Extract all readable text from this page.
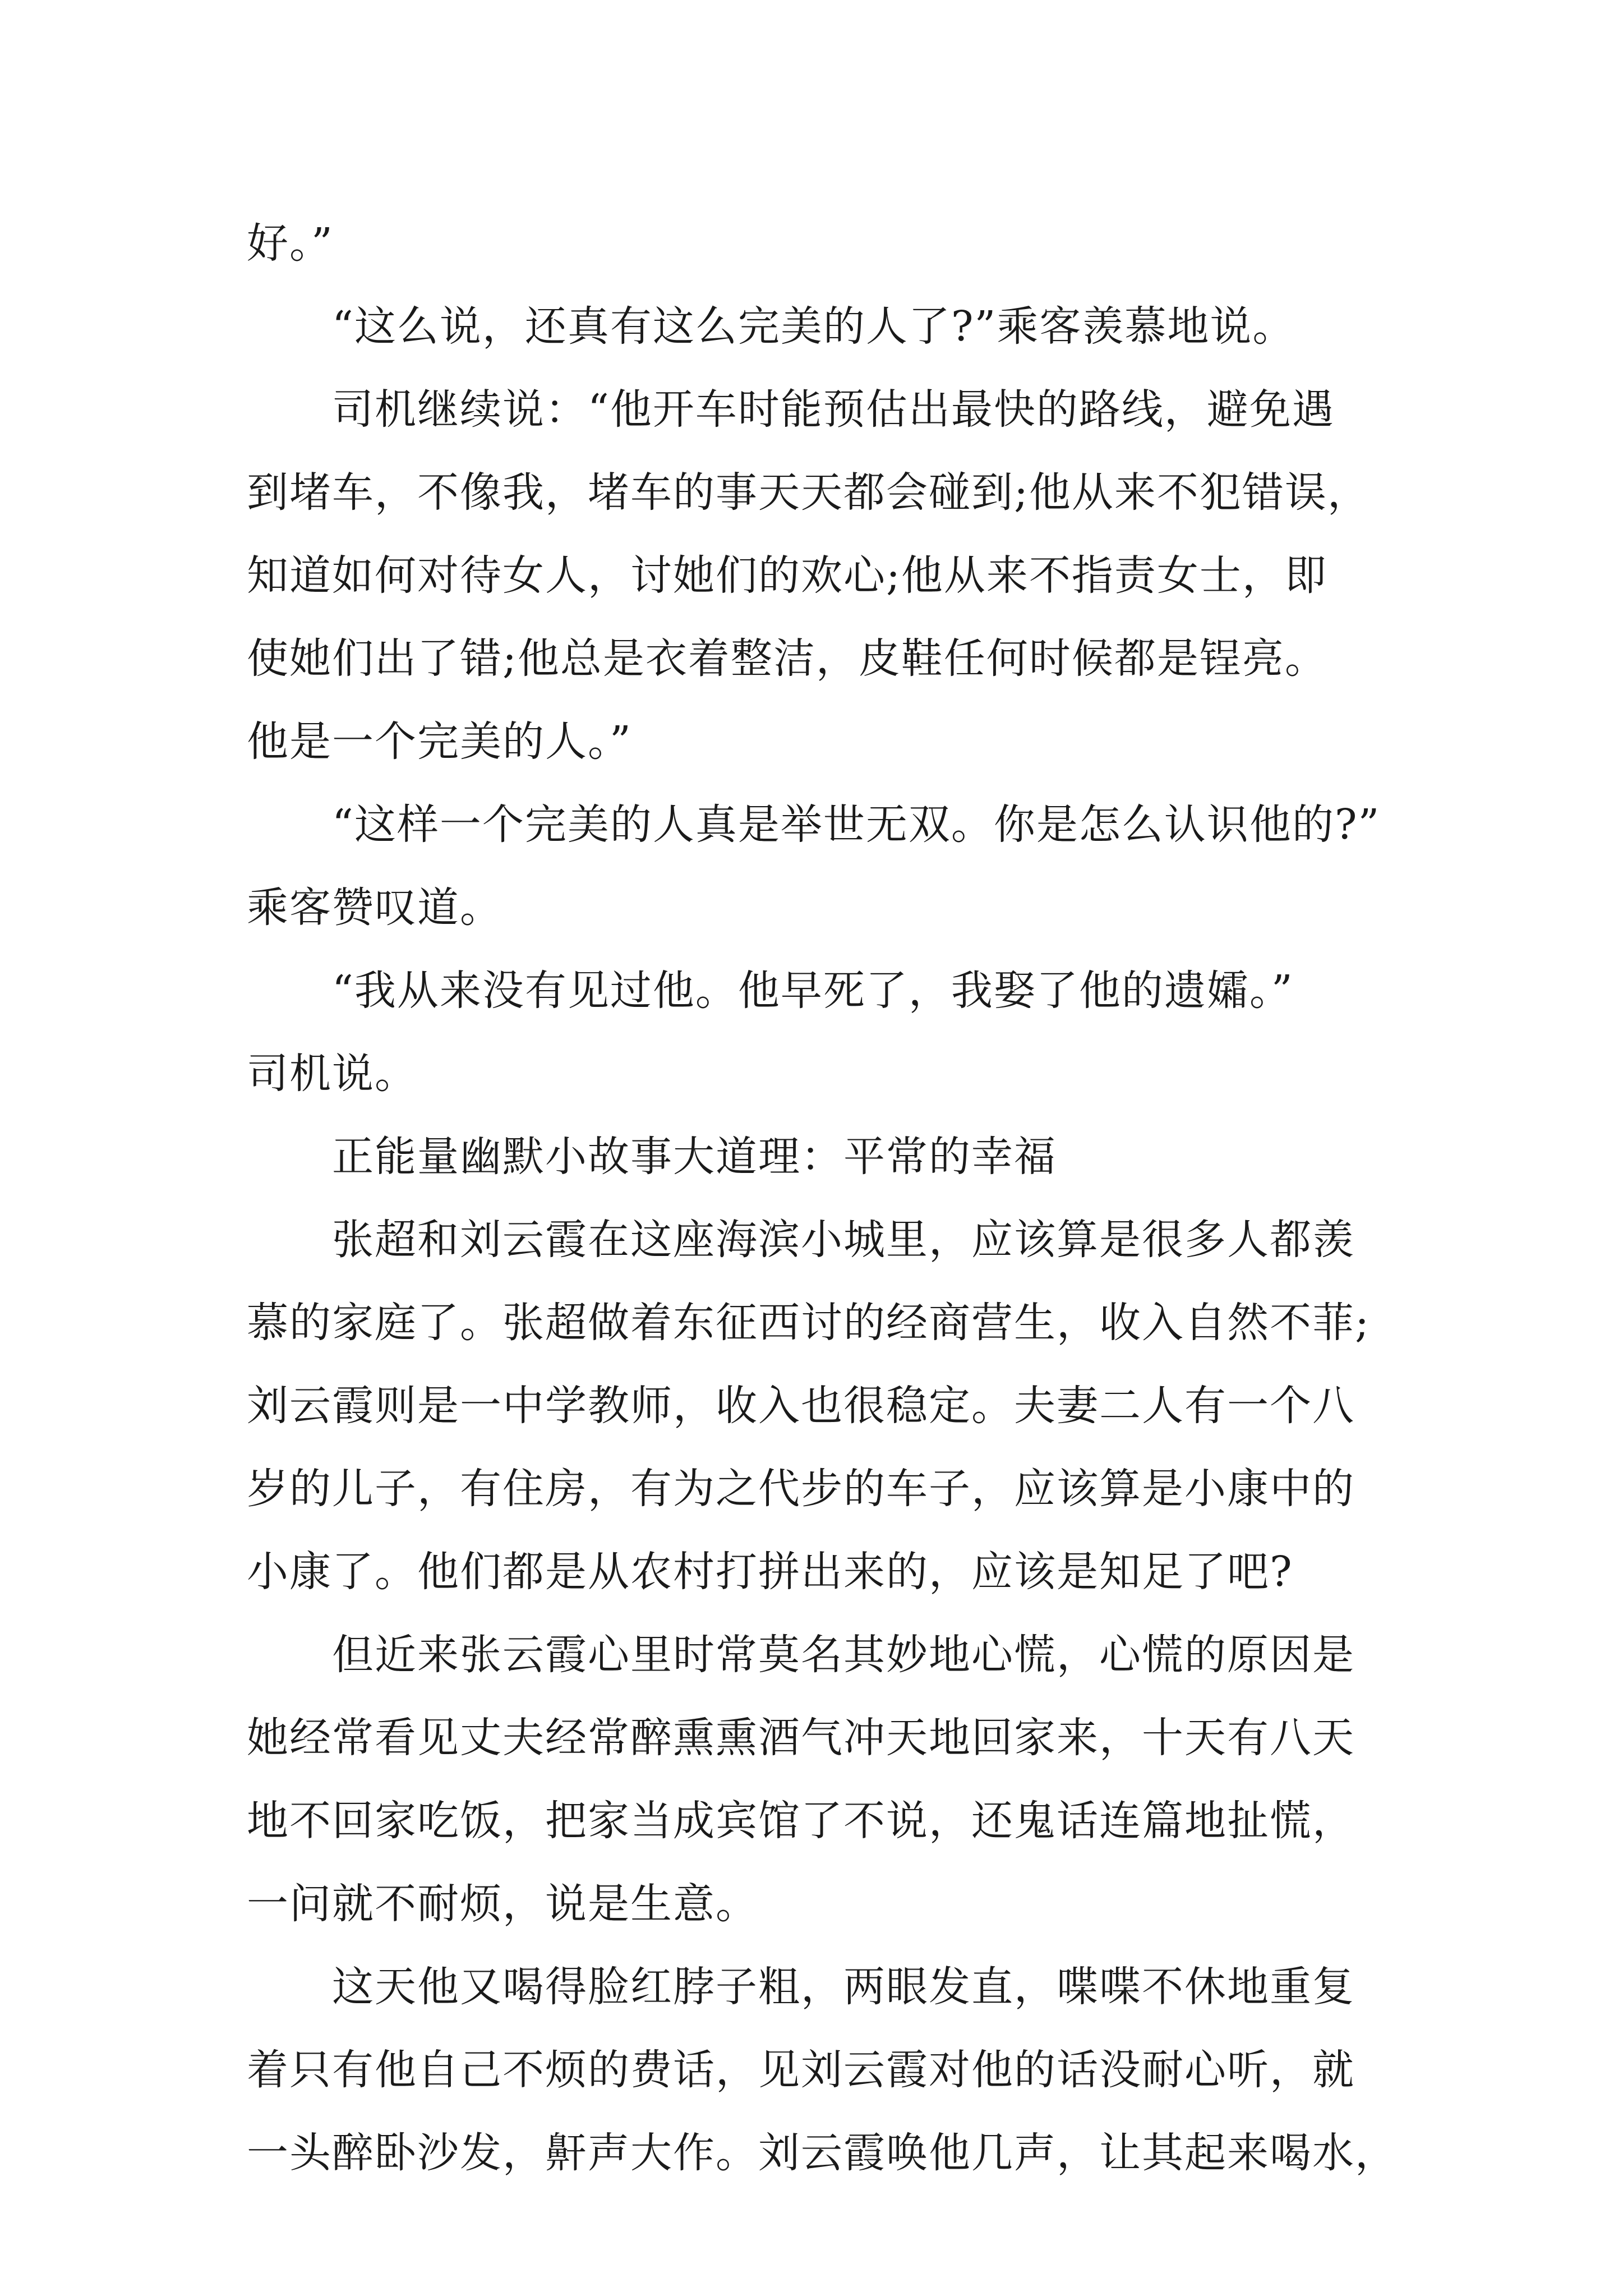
好。”
“这么说，还真有这么完美的人了?”乘客羡慕地说。
司机继续说：“他开车时能预估出最快的路线，避免遇
到堵车，不像我，堵车的事天天都会碰到;他从来不犯错误，
知道如何对待女人，讨她们的欢心;他从来不指责女士，即
使她们出了错;他总是衣着整洁，皮鞋任何时候都是锃亮。
他是一个完美的人。”
“这样一个完美的人真是举世无双。你是怎么认识他的?”
乘客赞叹道。
“我从来没有见过他。他早死了，我娶了他的遗孀。”
司机说。
正能量幽默小故事大道理：平常的幸福
张超和刘云霞在这座海滨小城里，应该算是很多人都羡
慕的家庭了。张超做着东征西讨的经商营生，收入自然不菲;
刘云霞则是一中学教师，收入也很稳定。夫妻二人有一个八
岁的儿子，有住房，有为之代步的车子，应该算是小康中的
小康了。他们都是从农村打拼出来的，应该是知足了吧?
但近来张云霞心里时常莫名其妙地心慌，心慌的原因是
她经常看见丈夫经常醉熏熏酒气冲天地回家来，十天有八天
地不回家吃饭，把家当成宾馆了不说，还鬼话连篇地扯慌，
一问就不耐烦，说是生意。
这天他又喝得脸红脖子粗，两眼发直，喋喋不休地重复
着只有他自己不烦的费话，见刘云霞对他的话没耐心听，就
一头醉卧沙发，鼾声大作。刘云霞唤他几声，让其起来喝水，
